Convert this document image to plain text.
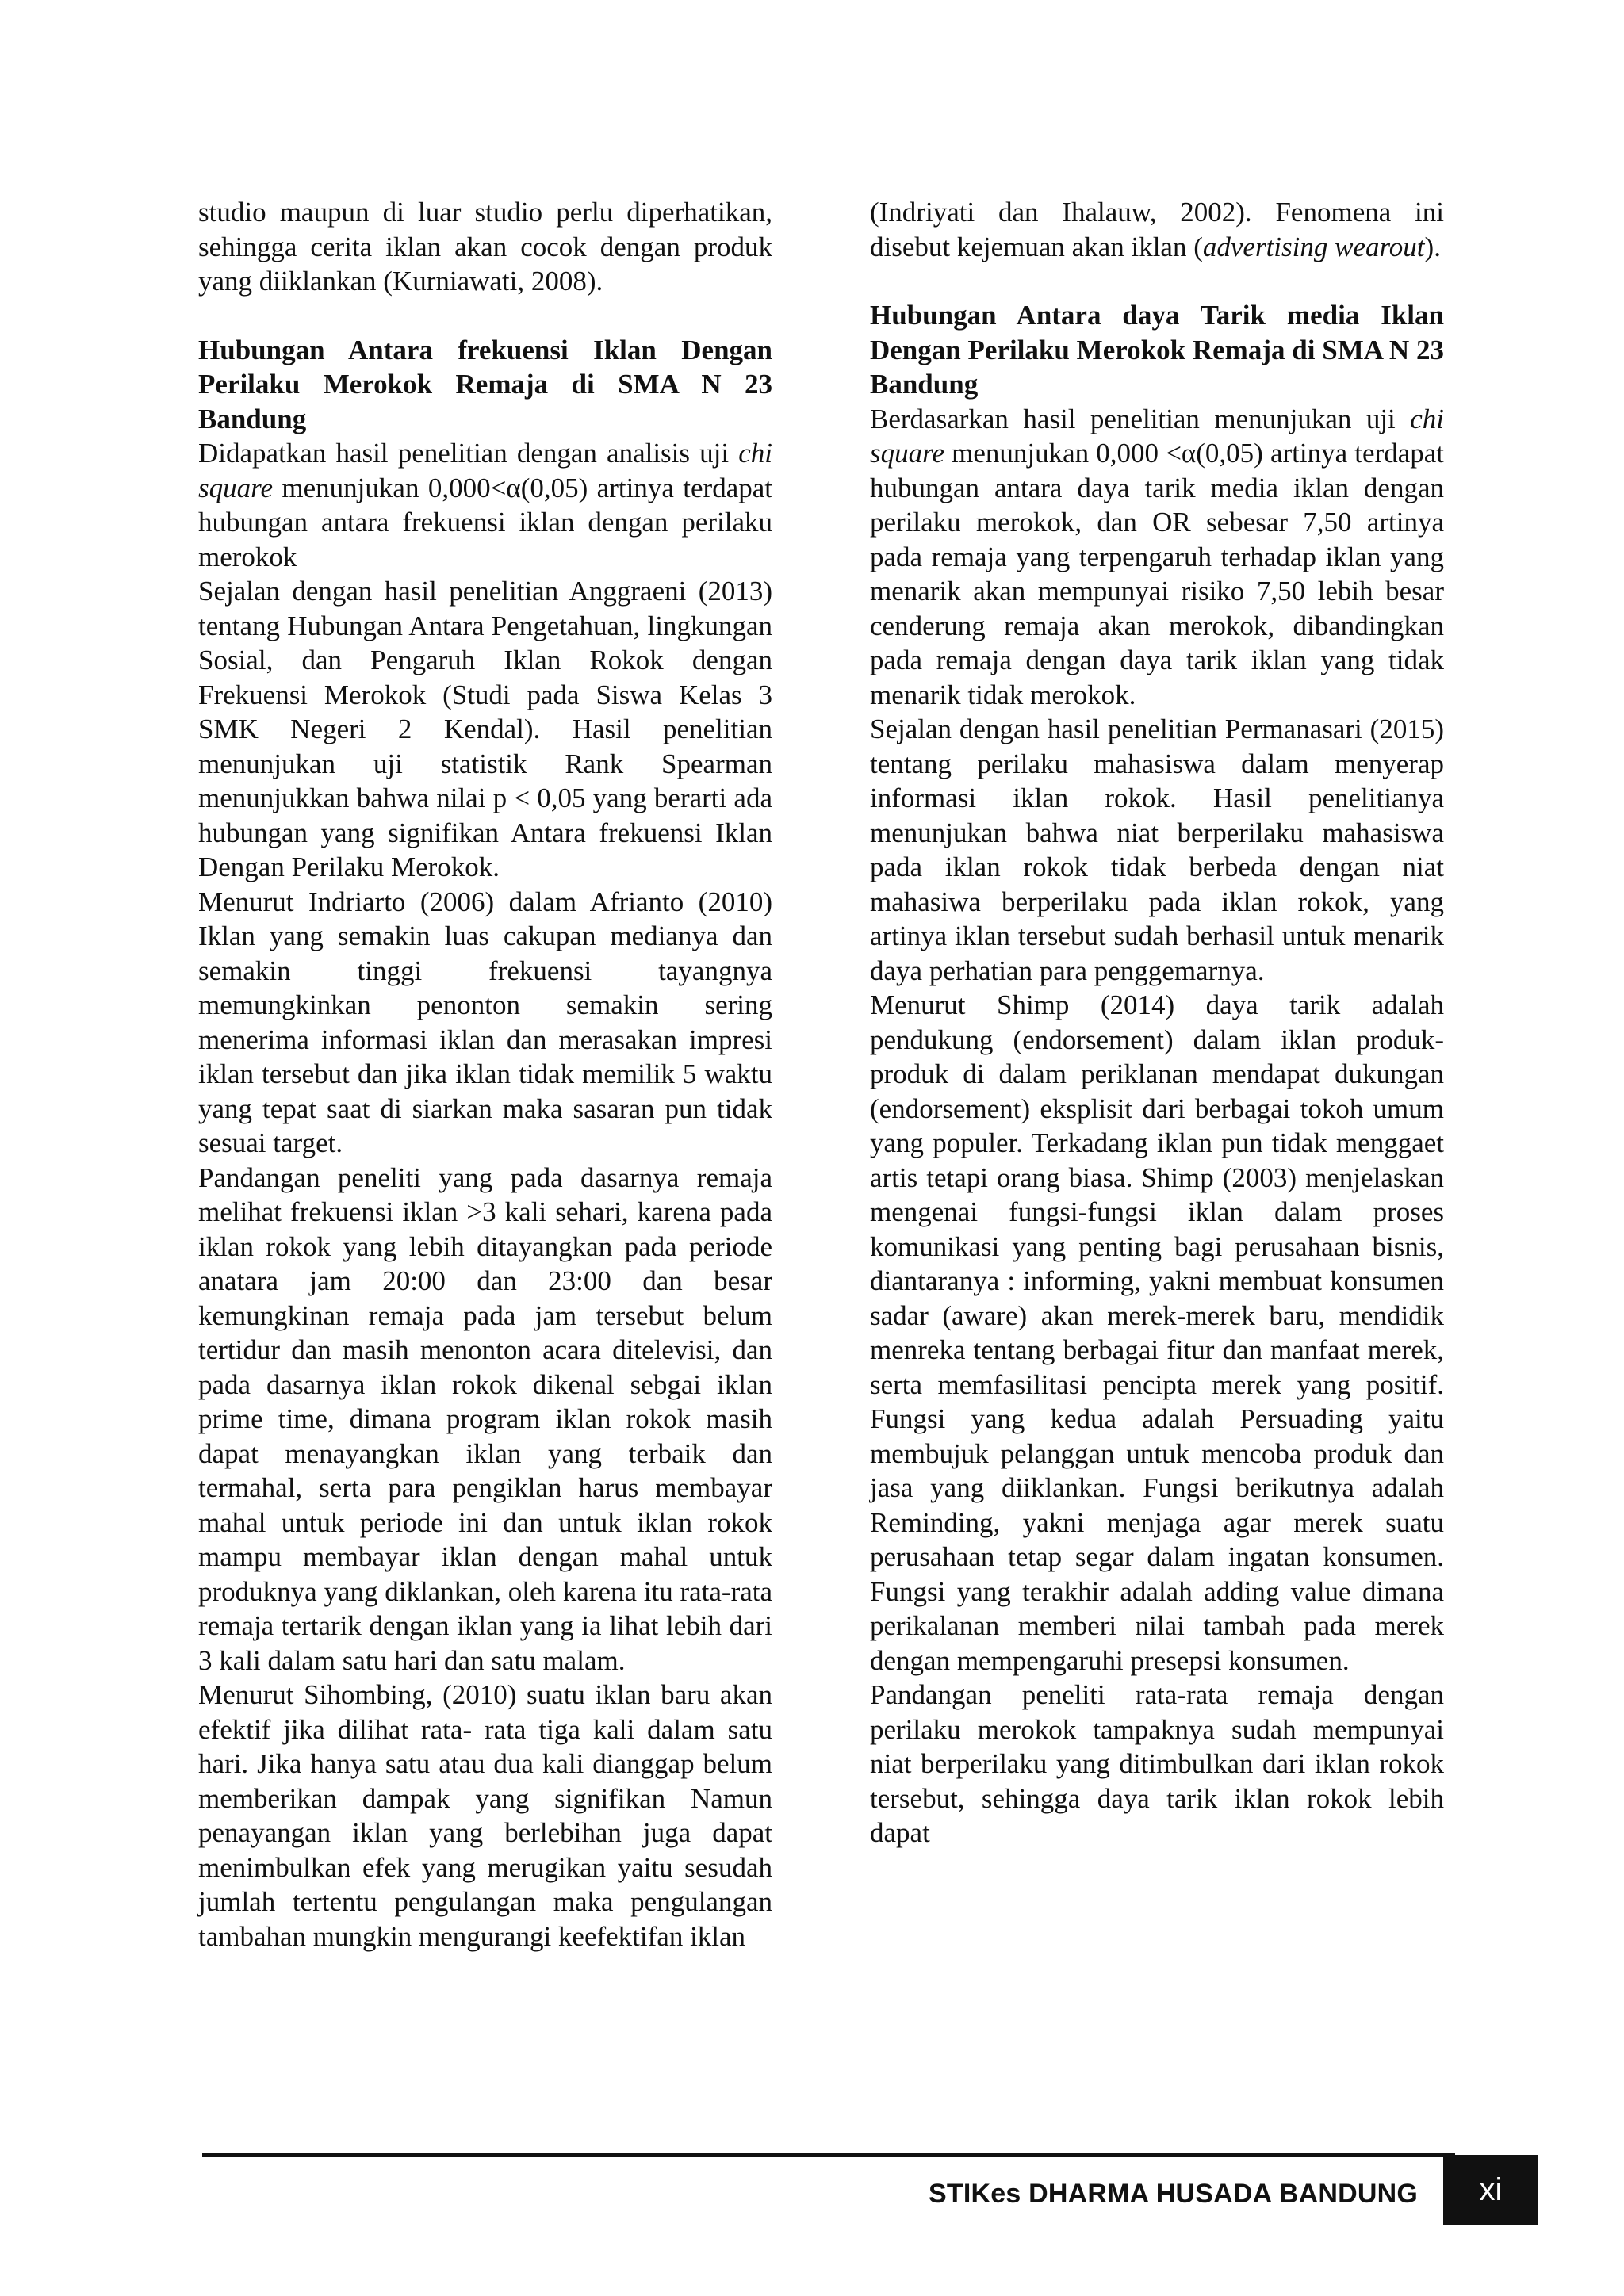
studio maupun di luar studio perlu diperhatikan, sehingga cerita iklan akan cocok dengan produk yang diiklankan (Kurniawati, 2008).

Hubungan Antara frekuensi Iklan Dengan Perilaku Merokok Remaja di SMA N 23 Bandung

Didapatkan hasil penelitian dengan analisis uji chi square menunjukan 0,000<α(0,05) artinya terdapat hubungan antara frekuensi iklan dengan perilaku merokok

Sejalan dengan hasil penelitian Anggraeni (2013) tentang Hubungan Antara Pengetahuan, lingkungan Sosial, dan Pengaruh Iklan Rokok dengan Frekuensi Merokok (Studi pada Siswa Kelas 3 SMK Negeri 2 Kendal). Hasil penelitian menunjukan uji statistik Rank Spearman menunjukkan bahwa nilai p < 0,05 yang berarti ada hubungan yang signifikan Antara frekuensi Iklan Dengan Perilaku Merokok.

Menurut Indriarto (2006) dalam Afrianto (2010) Iklan yang semakin luas cakupan medianya dan semakin tinggi frekuensi tayangnya memungkinkan penonton semakin sering menerima informasi iklan dan merasakan impresi iklan tersebut dan jika iklan tidak memilik 5 waktu yang tepat saat di siarkan maka sasaran pun tidak sesuai target.

Pandangan peneliti yang pada dasarnya remaja melihat frekuensi iklan >3 kali sehari, karena pada iklan rokok yang lebih ditayangkan pada periode anatara jam 20:00 dan 23:00 dan besar kemungkinan remaja pada jam tersebut belum tertidur dan masih menonton acara ditelevisi, dan pada dasarnya iklan rokok dikenal sebgai iklan prime time, dimana program iklan rokok masih dapat menayangkan iklan yang terbaik dan termahal, serta para pengiklan harus membayar mahal untuk periode ini dan untuk iklan rokok mampu membayar iklan dengan mahal untuk produknya yang diklankan, oleh karena itu rata-rata remaja tertarik dengan iklan yang ia lihat lebih dari 3 kali dalam satu hari dan satu malam.

Menurut Sihombing, (2010) suatu iklan baru akan efektif jika dilihat rata- rata tiga kali dalam satu hari. Jika hanya satu atau dua kali dianggap belum memberikan dampak yang signifikan Namun penayangan iklan yang berlebihan juga dapat menimbulkan efek yang merugikan yaitu sesudah jumlah tertentu pengulangan maka pengulangan tambahan mungkin mengurangi keefektifan iklan

(Indriyati dan Ihalauw, 2002). Fenomena ini disebut kejemuan akan iklan (advertising wearout).

Hubungan Antara daya Tarik media Iklan Dengan Perilaku Merokok Remaja di SMA N 23 Bandung

Berdasarkan hasil penelitian menunjukan uji chi square menunjukan 0,000 <α(0,05) artinya terdapat hubungan antara daya tarik media iklan dengan perilaku merokok, dan OR sebesar 7,50 artinya pada remaja yang terpengaruh terhadap iklan yang menarik akan mempunyai risiko 7,50 lebih besar cenderung remaja akan merokok, dibandingkan pada remaja dengan daya tarik iklan yang tidak menarik tidak merokok.

Sejalan dengan hasil penelitian Permanasari (2015) tentang perilaku mahasiswa dalam menyerap informasi iklan rokok. Hasil penelitianya menunjukan bahwa niat berperilaku mahasiswa pada iklan rokok tidak berbeda dengan niat mahasiwa berperilaku pada iklan rokok, yang artinya iklan tersebut sudah berhasil untuk menarik daya perhatian para penggemarnya.

Menurut Shimp (2014) daya tarik adalah pendukung (endorsement) dalam iklan produk-produk di dalam periklanan mendapat dukungan (endorsement) eksplisit dari berbagai tokoh umum yang populer. Terkadang iklan pun tidak menggaet artis tetapi orang biasa. Shimp (2003) menjelaskan mengenai fungsi-fungsi iklan dalam proses komunikasi yang penting bagi perusahaan bisnis, diantaranya : informing, yakni membuat konsumen sadar (aware) akan merek-merek baru, mendidik menreka tentang berbagai fitur dan manfaat merek, serta memfasilitasi pencipta merek yang positif. Fungsi yang kedua adalah Persuading yaitu membujuk pelanggan untuk mencoba produk dan jasa yang diiklankan. Fungsi berikutnya adalah Reminding, yakni menjaga agar merek suatu perusahaan tetap segar dalam ingatan konsumen. Fungsi yang terakhir adalah adding value dimana perikalanan memberi nilai tambah pada merek dengan mempengaruhi presepsi konsumen.

Pandangan peneliti rata-rata remaja dengan perilaku merokok tampaknya sudah mempunyai niat berperilaku yang ditimbulkan dari iklan rokok tersebut, sehingga daya tarik iklan rokok lebih dapat

STIKes DHARMA HUSADA BANDUNG	xi
